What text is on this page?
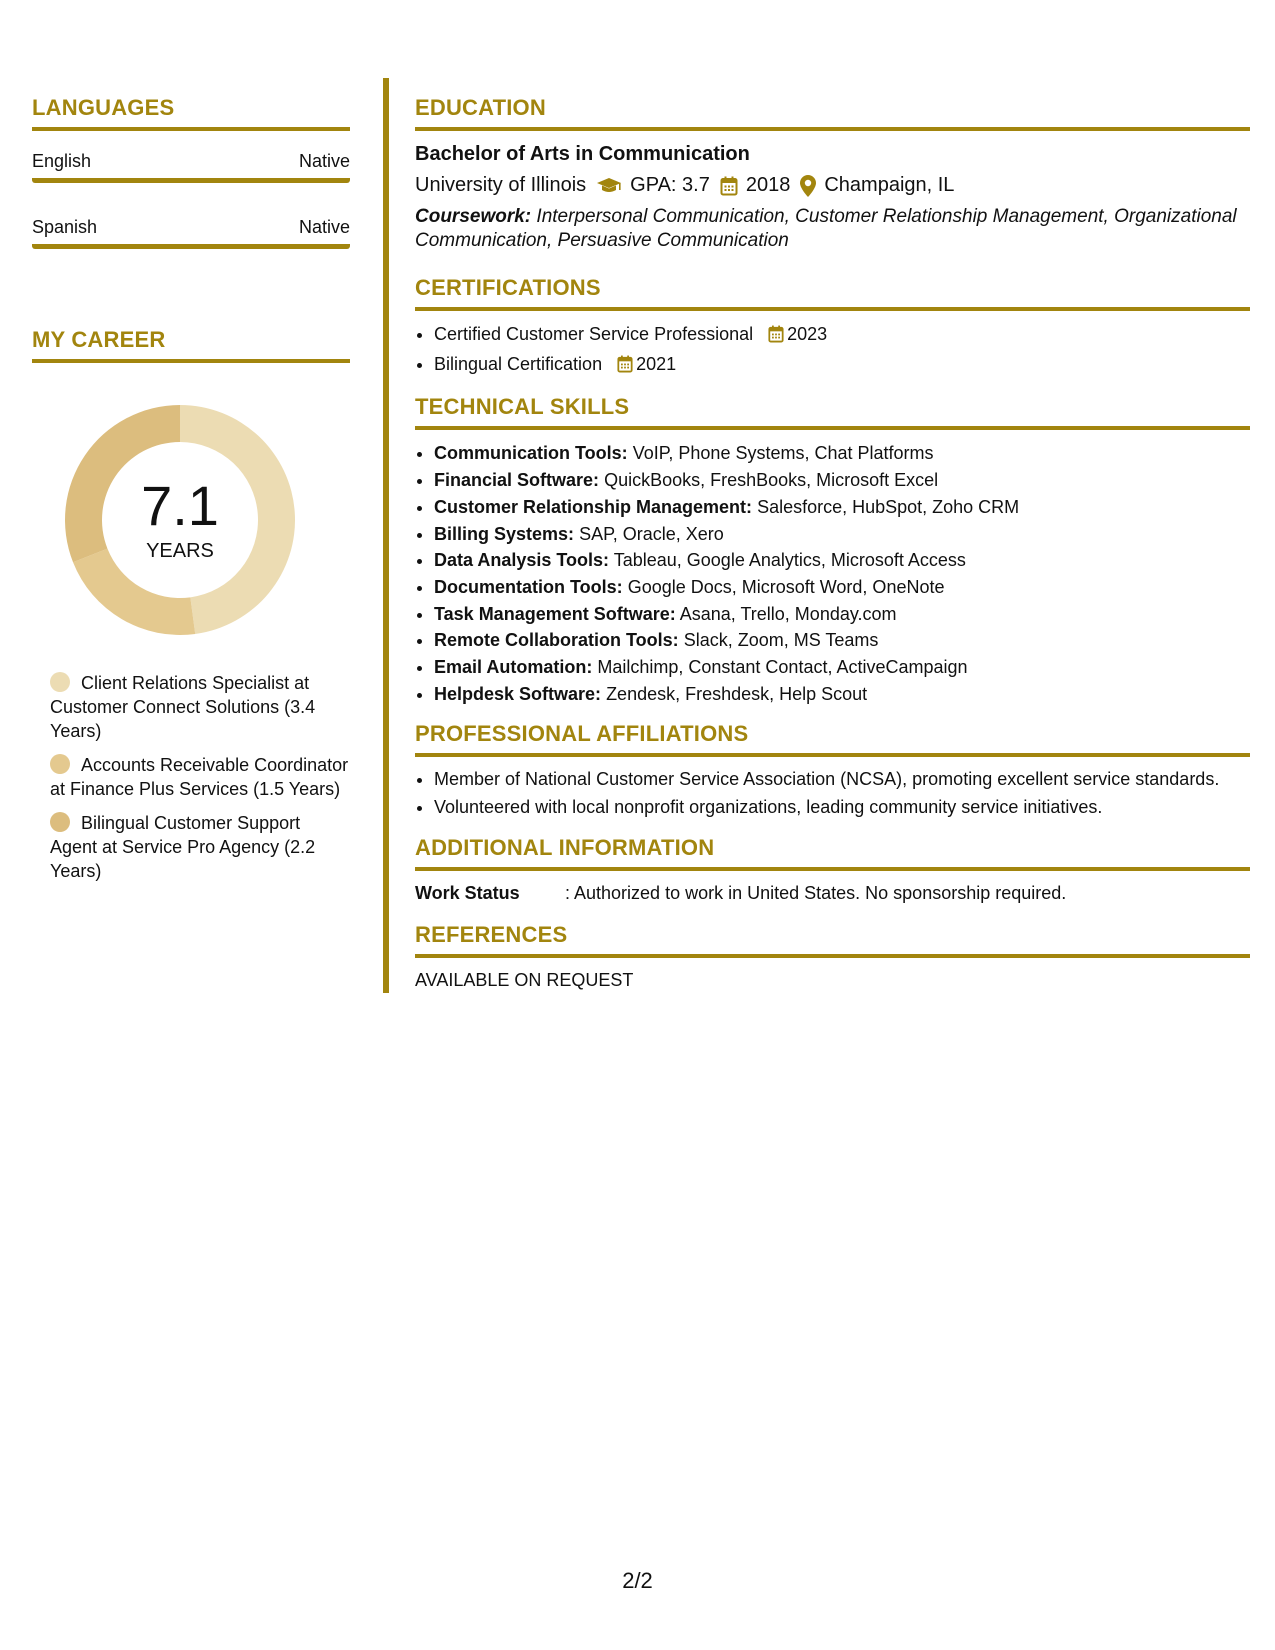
LANGUAGES
English	Native
Spanish	Native
MY CAREER
7.1
YEARS
Client Relations Specialist at Customer Connect Solutions (3.4 Years)
Accounts Receivable Coordinator at Finance Plus Services (1.5 Years)
Bilingual Customer Support Agent at Service Pro Agency (2.2 Years)
EDUCATION
Bachelor of Arts in Communication
University of Illinois GPA: 3.7 2018 Champaign, IL
Coursework: Interpersonal Communication, Customer Relationship Management, Organizational Communication, Persuasive Communication
CERTIFICATIONS
• Certified Customer Service Professional 2023
• Bilingual Certification 2021
TECHNICAL SKILLS
• Communication Tools: VoIP, Phone Systems, Chat Platforms
• Financial Software: QuickBooks, FreshBooks, Microsoft Excel
• Customer Relationship Management: Salesforce, HubSpot, Zoho CRM
• Billing Systems: SAP, Oracle, Xero
• Data Analysis Tools: Tableau, Google Analytics, Microsoft Access
• Documentation Tools: Google Docs, Microsoft Word, OneNote
• Task Management Software: Asana, Trello, Monday.com
• Remote Collaboration Tools: Slack, Zoom, MS Teams
• Email Automation: Mailchimp, Constant Contact, ActiveCampaign
• Helpdesk Software: Zendesk, Freshdesk, Help Scout
PROFESSIONAL AFFILIATIONS
• Member of National Customer Service Association (NCSA), promoting excellent service standards.
• Volunteered with local nonprofit organizations, leading community service initiatives.
ADDITIONAL INFORMATION
Work Status	: Authorized to work in United States. No sponsorship required.
REFERENCES
AVAILABLE ON REQUEST
2/2
